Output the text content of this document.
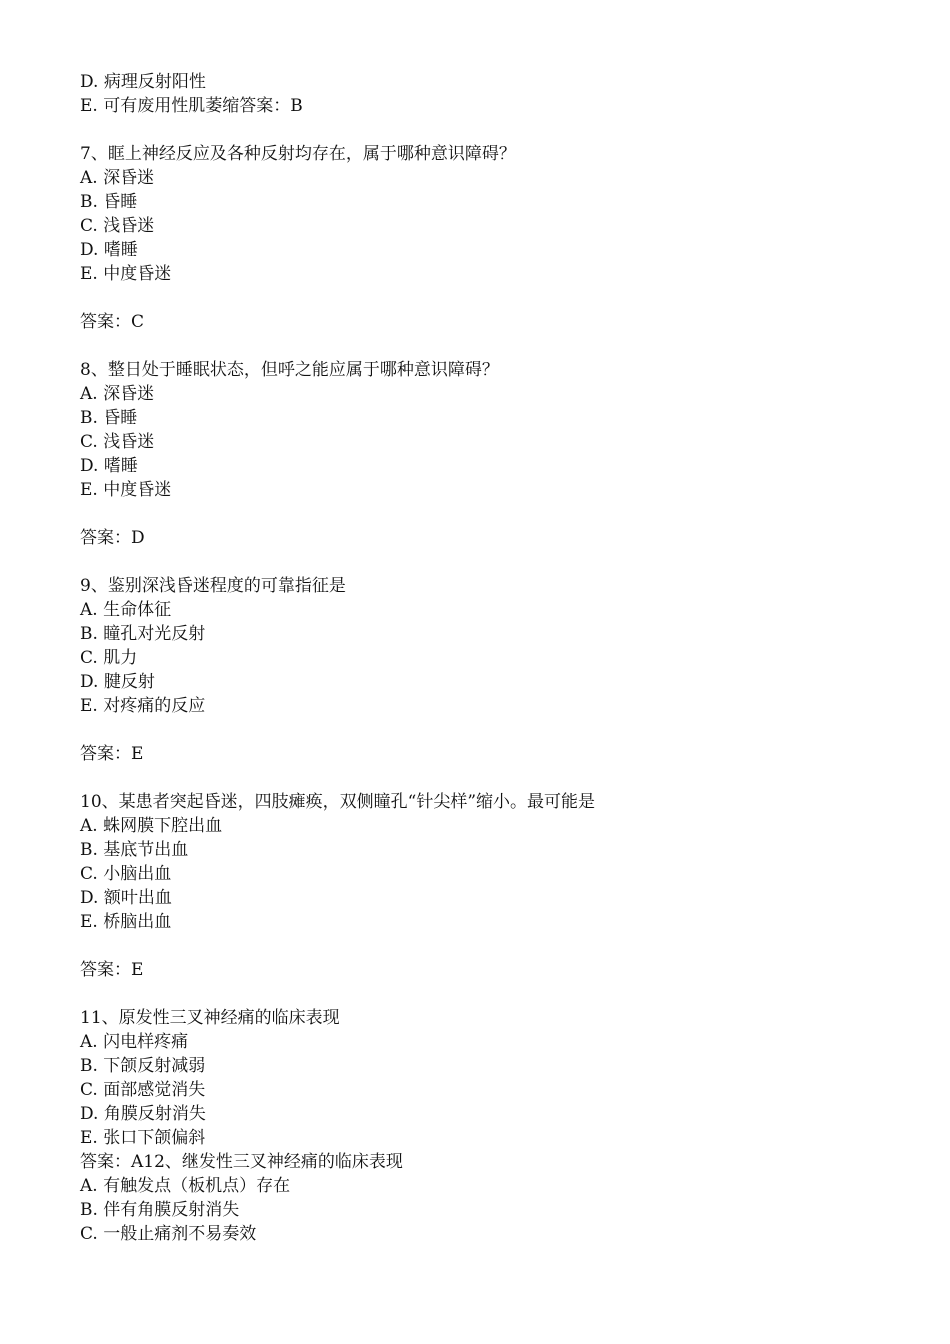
D. 病理反射阳性
E. 可有废用性肌萎缩答案：B
7、眶上神经反应及各种反射均存在，属于哪种意识障碍？
A. 深昏迷
B. 昏睡
C. 浅昏迷
D. 嗜睡
E. 中度昏迷
答案：C
8、整日处于睡眠状态，但呼之能应属于哪种意识障碍？
A. 深昏迷
B. 昏睡
C. 浅昏迷
D. 嗜睡
E. 中度昏迷
答案：D
9、鉴别深浅昏迷程度的可靠指征是
A. 生命体征
B. 瞳孔对光反射
C. 肌力
D. 腱反射
E. 对疼痛的反应
答案：E
10、某患者突起昏迷，四肢瘫痪，双侧瞳孔“针尖样”缩小。最可能是
A. 蛛网膜下腔出血
B. 基底节出血
C. 小脑出血
D. 额叶出血
E. 桥脑出血
答案：E
11、原发性三叉神经痛的临床表现
A. 闪电样疼痛
B. 下颌反射减弱
C. 面部感觉消失
D. 角膜反射消失
E. 张口下颌偏斜
答案：A12、继发性三叉神经痛的临床表现
A. 有触发点（板机点）存在
B. 伴有角膜反射消失
C. 一般止痛剂不易奏效
